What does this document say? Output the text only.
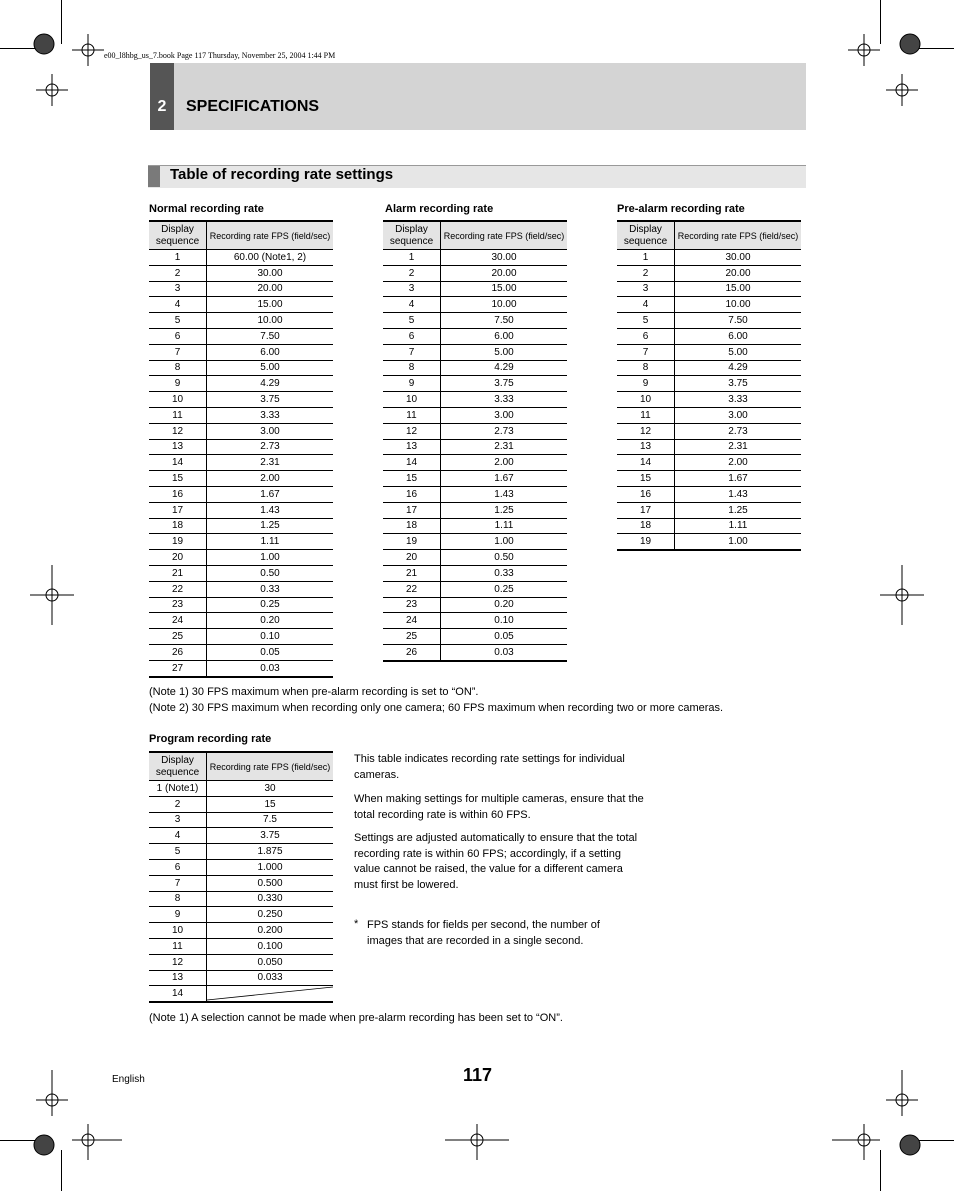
e00_l8hbg_us_7.book Page 117 Thursday, November 25, 2004 1:44 PM
2	SPECIFICATIONS
Table of recording rate settings
Normal recording rate
Display sequence	Recording rate FPS (field/sec)
1	60.00 (Note1, 2)
2	30.00
3	20.00
4	15.00
5	10.00
6	7.50
7	6.00
8	5.00
9	4.29
10	3.75
11	3.33
12	3.00
13	2.73
14	2.31
15	2.00
16	1.67
17	1.43
18	1.25
19	1.11
20	1.00
21	0.50
22	0.33
23	0.25
24	0.20
25	0.10
26	0.05
27	0.03
Alarm recording rate
Display sequence	Recording rate FPS (field/sec)
1	30.00
2	20.00
3	15.00
4	10.00
5	7.50
6	6.00
7	5.00
8	4.29
9	3.75
10	3.33
11	3.00
12	2.73
13	2.31
14	2.00
15	1.67
16	1.43
17	1.25
18	1.11
19	1.00
20	0.50
21	0.33
22	0.25
23	0.20
24	0.10
25	0.05
26	0.03
Pre-alarm recording rate
Display sequence	Recording rate FPS (field/sec)
1	30.00
2	20.00
3	15.00
4	10.00
5	7.50
6	6.00
7	5.00
8	4.29
9	3.75
10	3.33
11	3.00
12	2.73
13	2.31
14	2.00
15	1.67
16	1.43
17	1.25
18	1.11
19	1.00
(Note 1) 30 FPS maximum when pre-alarm recording is set to “ON”.
(Note 2) 30 FPS maximum when recording only one camera; 60 FPS maximum when recording two or more cameras.
Program recording rate
Display sequence	Recording rate FPS (field/sec)
1 (Note1)	30
2	15
3	7.5
4	3.75
5	1.875
6	1.000
7	0.500
8	0.330
9	0.250
10	0.200
11	0.100
12	0.050
13	0.033
14	
This table indicates recording rate settings for individual cameras.
When making settings for multiple cameras, ensure that the total recording rate is within 60 FPS.
Settings are adjusted automatically to ensure that the total recording rate is within 60 FPS; accordingly, if a setting value cannot be raised, the value for a different camera must first be lowered.
* FPS stands for fields per second, the number of images that are recorded in a single second.
(Note 1) A selection cannot be made when pre-alarm recording has been set to “ON”.
English	117
